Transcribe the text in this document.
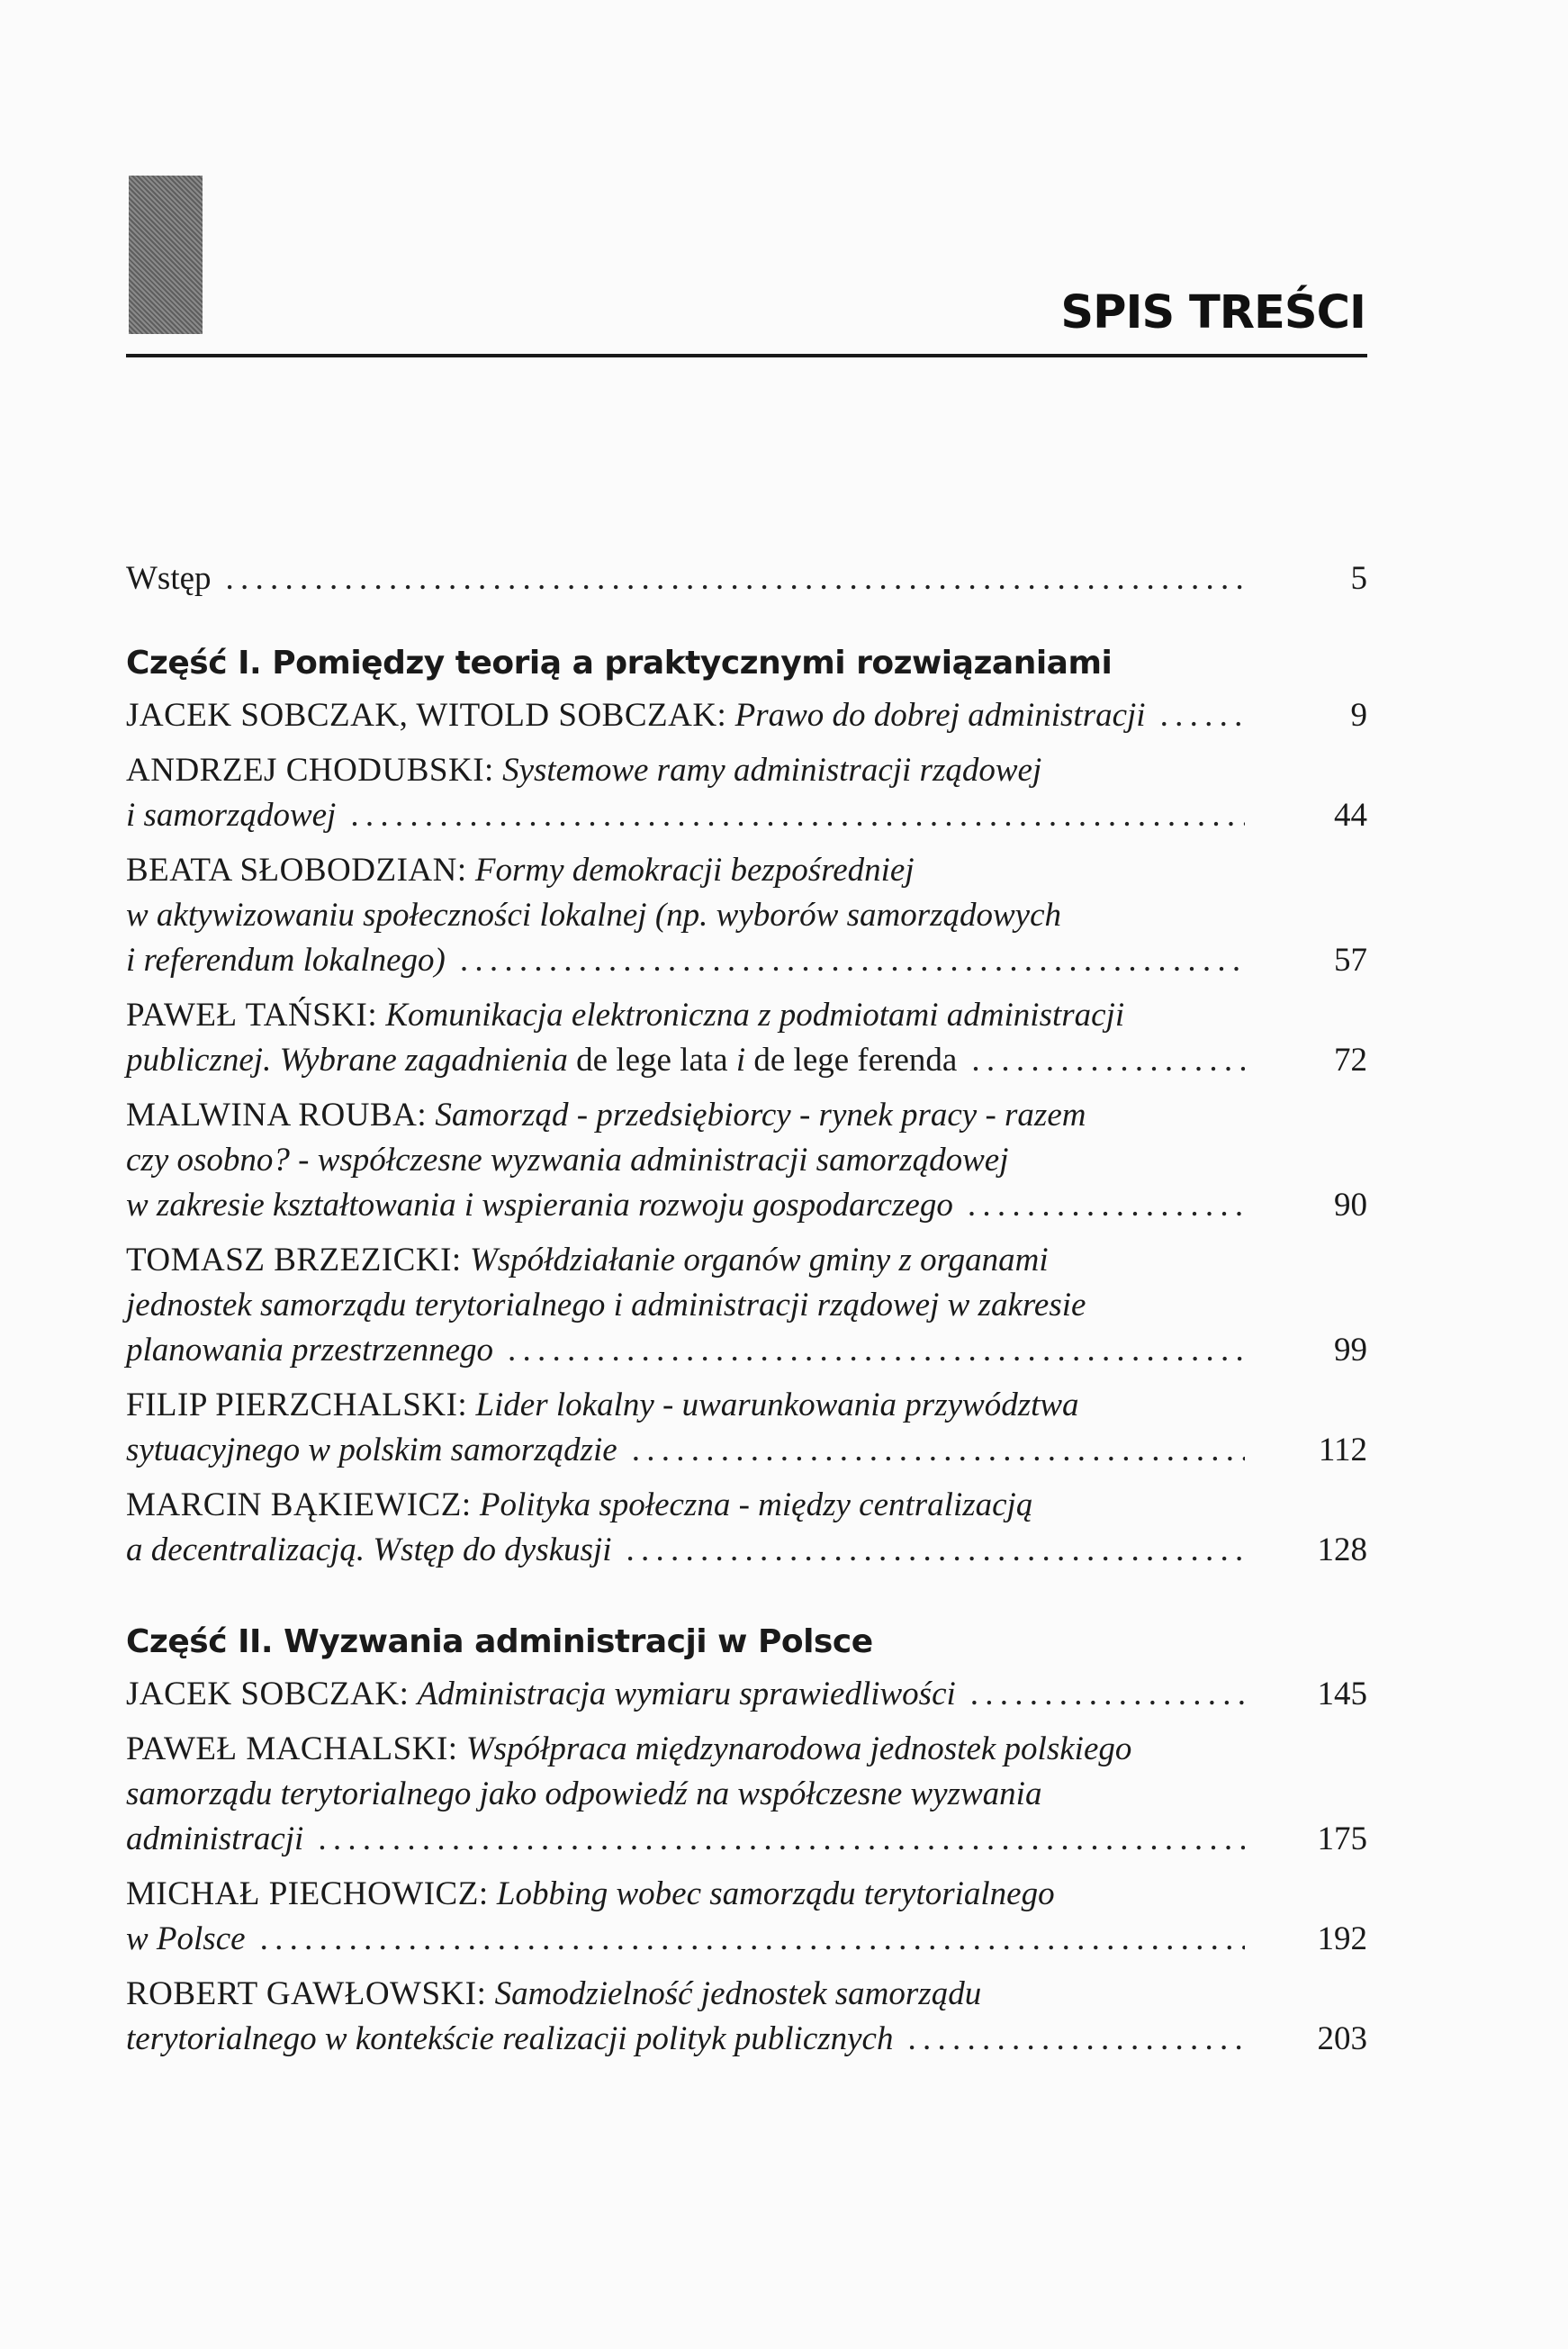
SPIS TREŚCI
Wstęp . . .	5
Część I. Pomiędzy teorią a praktycznymi rozwiązaniami
JACEK SOBCZAK, WITOLD SOBCZAK: Prawo do dobrej administracji . . .	9
ANDRZEJ CHODUBSKI: Systemowe ramy administracji rządowej
i samorządowej . . .	44
BEATA SŁOBODZIAN: Formy demokracji bezpośredniej
w aktywizowaniu społeczności lokalnej (np. wyborów samorządowych
i referendum lokalnego) . . .	57
PAWEŁ TAŃSKI: Komunikacja elektroniczna z podmiotami administracji
publicznej. Wybrane zagadnienia de lege lata i de lege ferenda . . .	72
MALWINA ROUBA: Samorząd - przedsiębiorcy - rynek pracy - razem
czy osobno? - współczesne wyzwania administracji samorządowej
w zakresie kształtowania i wspierania rozwoju gospodarczego . . .	90
TOMASZ BRZEZICKI: Współdziałanie organów gminy z organami
jednostek samorządu terytorialnego i administracji rządowej w zakresie
planowania przestrzennego . . .	99
FILIP PIERZCHALSKI: Lider lokalny - uwarunkowania przywództwa
sytuacyjnego w polskim samorządzie . . .	112
MARCIN BĄKIEWICZ: Polityka społeczna - między centralizacją
a decentralizacją. Wstęp do dyskusji . . .	128
Część II. Wyzwania administracji w Polsce
JACEK SOBCZAK: Administracja wymiaru sprawiedliwości . . .	145
PAWEŁ MACHALSKI: Współpraca międzynarodowa jednostek polskiego
samorządu terytorialnego jako odpowiedź na współczesne wyzwania
administracji . . .	175
MICHAŁ PIECHOWICZ: Lobbing wobec samorządu terytorialnego
w Polsce . . .	192
ROBERT GAWŁOWSKI: Samodzielność jednostek samorządu
terytorialnego w kontekście realizacji polityk publicznych . . .	203
